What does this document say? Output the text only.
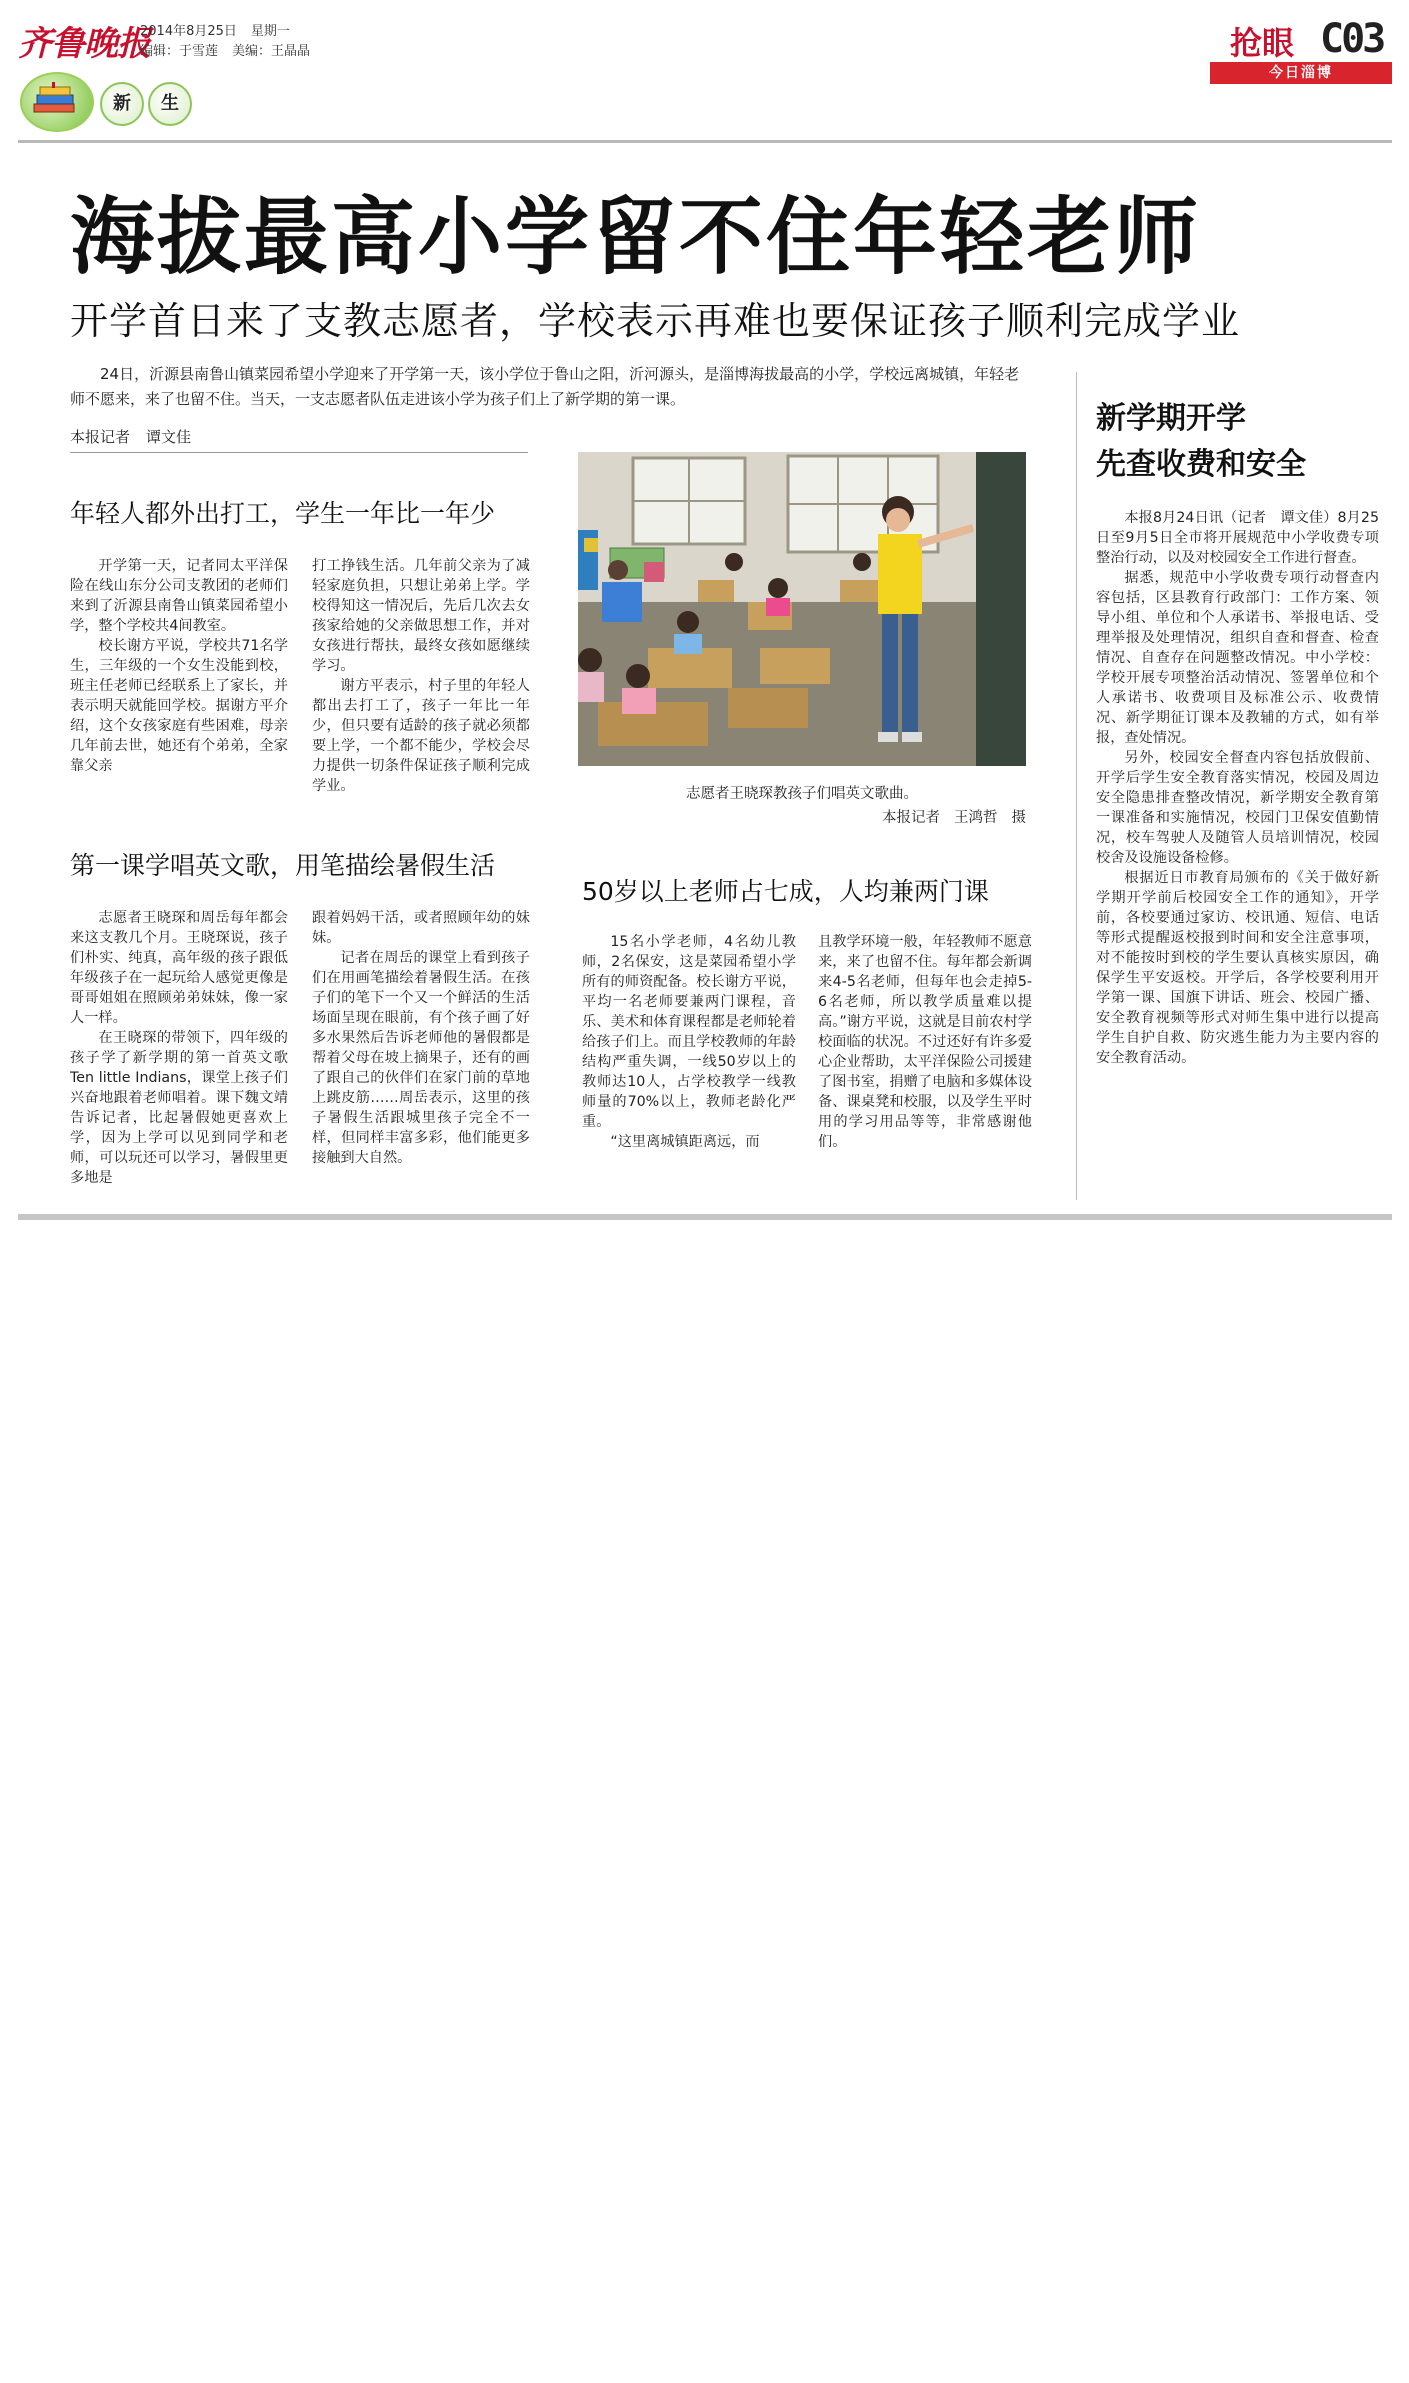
齐鲁晚报
2014年8月25日 星期一
编辑：于雪莲 美编：王晶晶	抢眼 C03
今日淄博
新	生
海拔最高小学留不住年轻老师
开学首日来了支教志愿者，学校表示再难也要保证孩子顺利完成学业
24日，沂源县南鲁山镇菜园希望小学迎来了开学第一天，该小学位于鲁山之阳，沂河源头，是淄博海拔最高的小学，学校远离城镇，年轻老师不愿来，来了也留不住。当天，一支志愿者队伍走进该小学为孩子们上了新学期的第一课。
本报记者 谭文佳
年轻人都外出打工，学生一年比一年少

开学第一天，记者同太平洋保险在线山东分公司支教团的老师们来到了沂源县南鲁山镇菜园希望小学，整个学校共4间教室。

校长谢方平说，学校共71名学生，三年级的一个女生没能到校，班主任老师已经联系上了家长，并表示明天就能回学校。据谢方平介绍，这个女孩家庭有些困难，母亲几年前去世，她还有个弟弟，全家靠父亲

打工挣钱生活。几年前父亲为了减轻家庭负担，只想让弟弟上学。学校得知这一情况后，先后几次去女孩家给她的父亲做思想工作，并对女孩进行帮扶，最终女孩如愿继续学习。

谢方平表示，村子里的年轻人都出去打工了，孩子一年比一年少，但只要有适龄的孩子就必须都要上学，一个都不能少，学校会尽力提供一切条件保证孩子顺利完成学业。

第一课学唱英文歌，用笔描绘暑假生活

志愿者王晓琛和周岳每年都会来这支教几个月。王晓琛说，孩子们朴实、纯真，高年级的孩子跟低年级孩子在一起玩给人感觉更像是哥哥姐姐在照顾弟弟妹妹，像一家人一样。

在王晓琛的带领下，四年级的孩子学了新学期的第一首英文歌Ten little Indians，课堂上孩子们兴奋地跟着老师唱着。课下魏文靖告诉记者，比起暑假她更喜欢上学，因为上学可以见到同学和老师，可以玩还可以学习，暑假里更多地是

跟着妈妈干活，或者照顾年幼的妹妹。

记者在周岳的课堂上看到孩子们在用画笔描绘着暑假生活。在孩子们的笔下一个又一个鲜活的生活场面呈现在眼前，有个孩子画了好多水果然后告诉老师他的暑假都是帮着父母在坡上摘果子，还有的画了跟自己的伙伴们在家门前的草地上跳皮筋……周岳表示，这里的孩子暑假生活跟城里孩子完全不一样，但同样丰富多彩，他们能更多接触到大自然。

志愿者王晓琛教孩子们唱英文歌曲。
本报记者 王鸿哲 摄
50岁以上老师占七成，人均兼两门课

15名小学老师，4名幼儿教师，2名保安，这是菜园希望小学所有的师资配备。校长谢方平说，平均一名老师要兼两门课程，音乐、美术和体育课程都是老师轮着给孩子们上。而且学校教师的年龄结构严重失调，一线50岁以上的教师达10人，占学校教学一线教师量的70%以上，教师老龄化严重。

“这里离城镇距离远，而

且教学环境一般，年轻教师不愿意来，来了也留不住。每年都会新调来4-5名老师，但每年也会走掉5-6名老师，所以教学质量难以提高。”谢方平说，这就是目前农村学校面临的状况。不过还好有许多爱心企业帮助，太平洋保险公司援建了图书室，捐赠了电脑和多媒体设备、课桌凳和校服，以及学生平时用的学习用品等等，非常感谢他们。

新学期开学
先查收费和安全

本报8月24日讯（记者　谭文佳）8月25日至9月5日全市将开展规范中小学收费专项整治行动，以及对校园安全工作进行督查。

据悉，规范中小学收费专项行动督查内容包括，区县教育行政部门：工作方案、领导小组、单位和个人承诺书、举报电话、受理举报及处理情况，组织自查和督查、检查情况、自查存在问题整改情况。中小学校：学校开展专项整治活动情况、签署单位和个人承诺书、收费项目及标准公示、收费情况、新学期征订课本及教辅的方式，如有举报，查处情况。

另外，校园安全督查内容包括放假前、开学后学生安全教育落实情况，校园及周边安全隐患排查整改情况，新学期安全教育第一课准备和实施情况，校园门卫保安值勤情况，校车驾驶人及随管人员培训情况，校园校舍及设施设备检修。

根据近日市教育局颁布的《关于做好新学期开学前后校园安全工作的通知》，开学前，各校要通过家访、校讯通、短信、电话等形式提醒返校报到时间和安全注意事项，对不能按时到校的学生要认真核实原因，确保学生平安返校。开学后，各学校要利用开学第一课、国旗下讲话、班会、校园广播、安全教育视频等形式对师生集中进行以提高学生自护自救、防灾逃生能力为主要内容的安全教育活动。
